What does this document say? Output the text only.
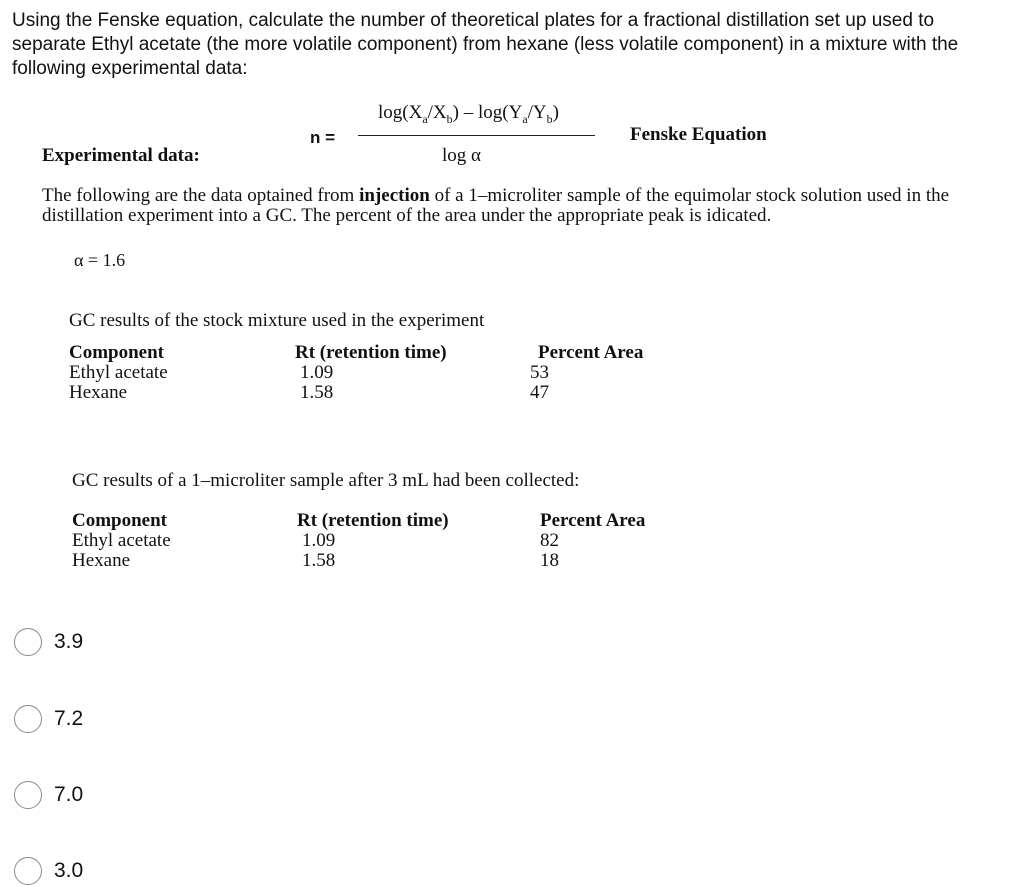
Using the Fenske equation, calculate the number of theoretical plates for a fractional distillation set up used to separate Ethyl acetate (the more volatile component) from hexane (less volatile component) in a mixture with the following experimental data:
$\log(X_a/X_b) - \log(Y_a/Y_b)$
log α
n =	Fenske Equation
Experimental data:
The following are the data optained from injection of a 1–microliter sample of the equimolar stock solution used in the distillation experiment into a GC. The percent of the area under the appropriate peak is idicated.
α = 1.6
GC results of the stock mixture used in the experiment
Component
Ethyl acetate
Hexane
Rt (retention time)
1.09
1.58
Percent Area
53
47
GC results of a 1–microliter sample after 3 mL had been collected:
Component
Ethyl acetate
Hexane
Rt (retention time)
1.09
1.58
Percent Area
82
18
3.9
7.2
7.0
3.0
